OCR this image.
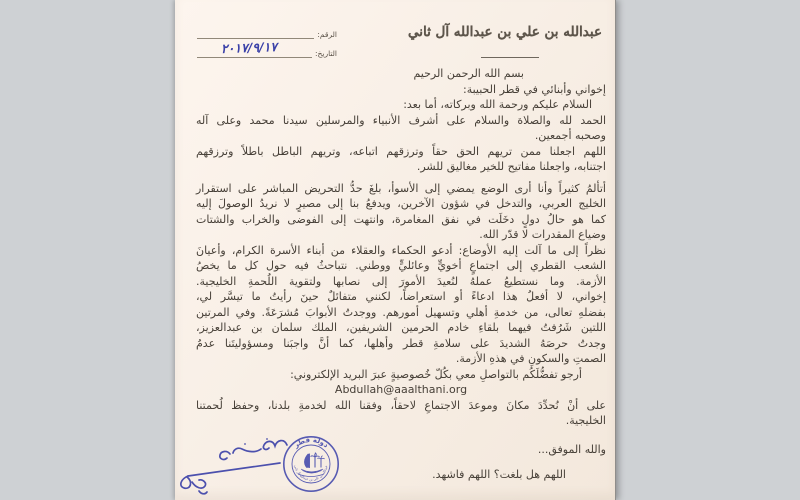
عبدالله بن علي بن عبدالله آل ثاني
الرقم:
التاريخ:
٢٠١٧/٩/١٧
بسم الله الرحمن الرحيم
إخواني وأبنائي في قطر الحبيبة:
السلام عليكم ورحمة الله وبركاته، أما بعد:
الحمد لله والصلاة والسلام على أشرف الأنبياء والمرسلين سيدنا محمد وعلى آله
وصحبه أجمعين.
اللهم اجعلنا ممن تريهم الحق حقاً وترزقهم اتباعه، وتريهم الباطل باطلاً وترزقهم
اجتنابه، واجعلنا مفاتيح للخير مغاليق للشر.
أتألمُ كثيراً وأنا أرى الوضع يمضي إلى الأسوأ، بلغَ حدُّ التحريض المباشر على استقرار
الخليج العربي، والتدخل في شؤون الآخرين، ويدفعُ بنا إلى مصيرٍ لا نريدُ الوصولَ إليه
كما هو حالُ دولٍ دخَلَت في نفق المغامرة، وانتهت إلى الفوضى والخراب والشتات
وضياع المقدرات لا قدّر الله.
نظراً إلى ما آلت إليه الأوضاع: أدعو الحكماء والعقلاء من أبناء الأسرة الكرام، وأعيانَ
الشعب القطري إلى اجتماعٍ أخويٍّ وعائليٍّ ووطني. نتباحثُ فيه حول كل ما يخصُ
الأزمة. وما نستطيعُ عملهُ لنُعيدَ الأمورَ إلى نصابها ولتقوية اللُحمةِ الخليجية.
إخواني، لا أفعلُ هذا ادعاءً أو استعراضاً، لكنني متفائلٌ حينَ رأيتُ ما تيسَّر لي،
بفضلهِ تعالى، من خدمةِ أهلي وتسهيل أمورهم. ووجدتُ الأبوابَ مُشرَعَةً. وفي المرتين
اللتين شَرُفتُ فيهما بلقاءِ خادم الحرمين الشريفين، الملك سلمان بن عبدالعزيز،
وجدتُ حرصَهُ الشديدَ على سلامةِ قطر وأهلها، كما أنَّ واجبَنا ومسؤوليتَنا عدمُ
الصمتِ والسكونِ في هذهِ الأزمة.
أرجو تفضُّلَكُم بالتواصلِ معي بكُلّ خُصوصيةٍ عبرَ البريد الإلكتروني:
Abdullah@aaalthani.org
على أنْ نُحدِّدَ مكانَ وموعدَ الاجتماعِ لاحقاً، وفقنا الله لخدمةِ بلدنا، وحفظ لُحمتنا
الخليجية.
والله الموفق...
اللهم هل بلغت؟ اللهم فاشهد.
دولة قطر
عبدالله بن علي بن عبدالله آل ثاني
